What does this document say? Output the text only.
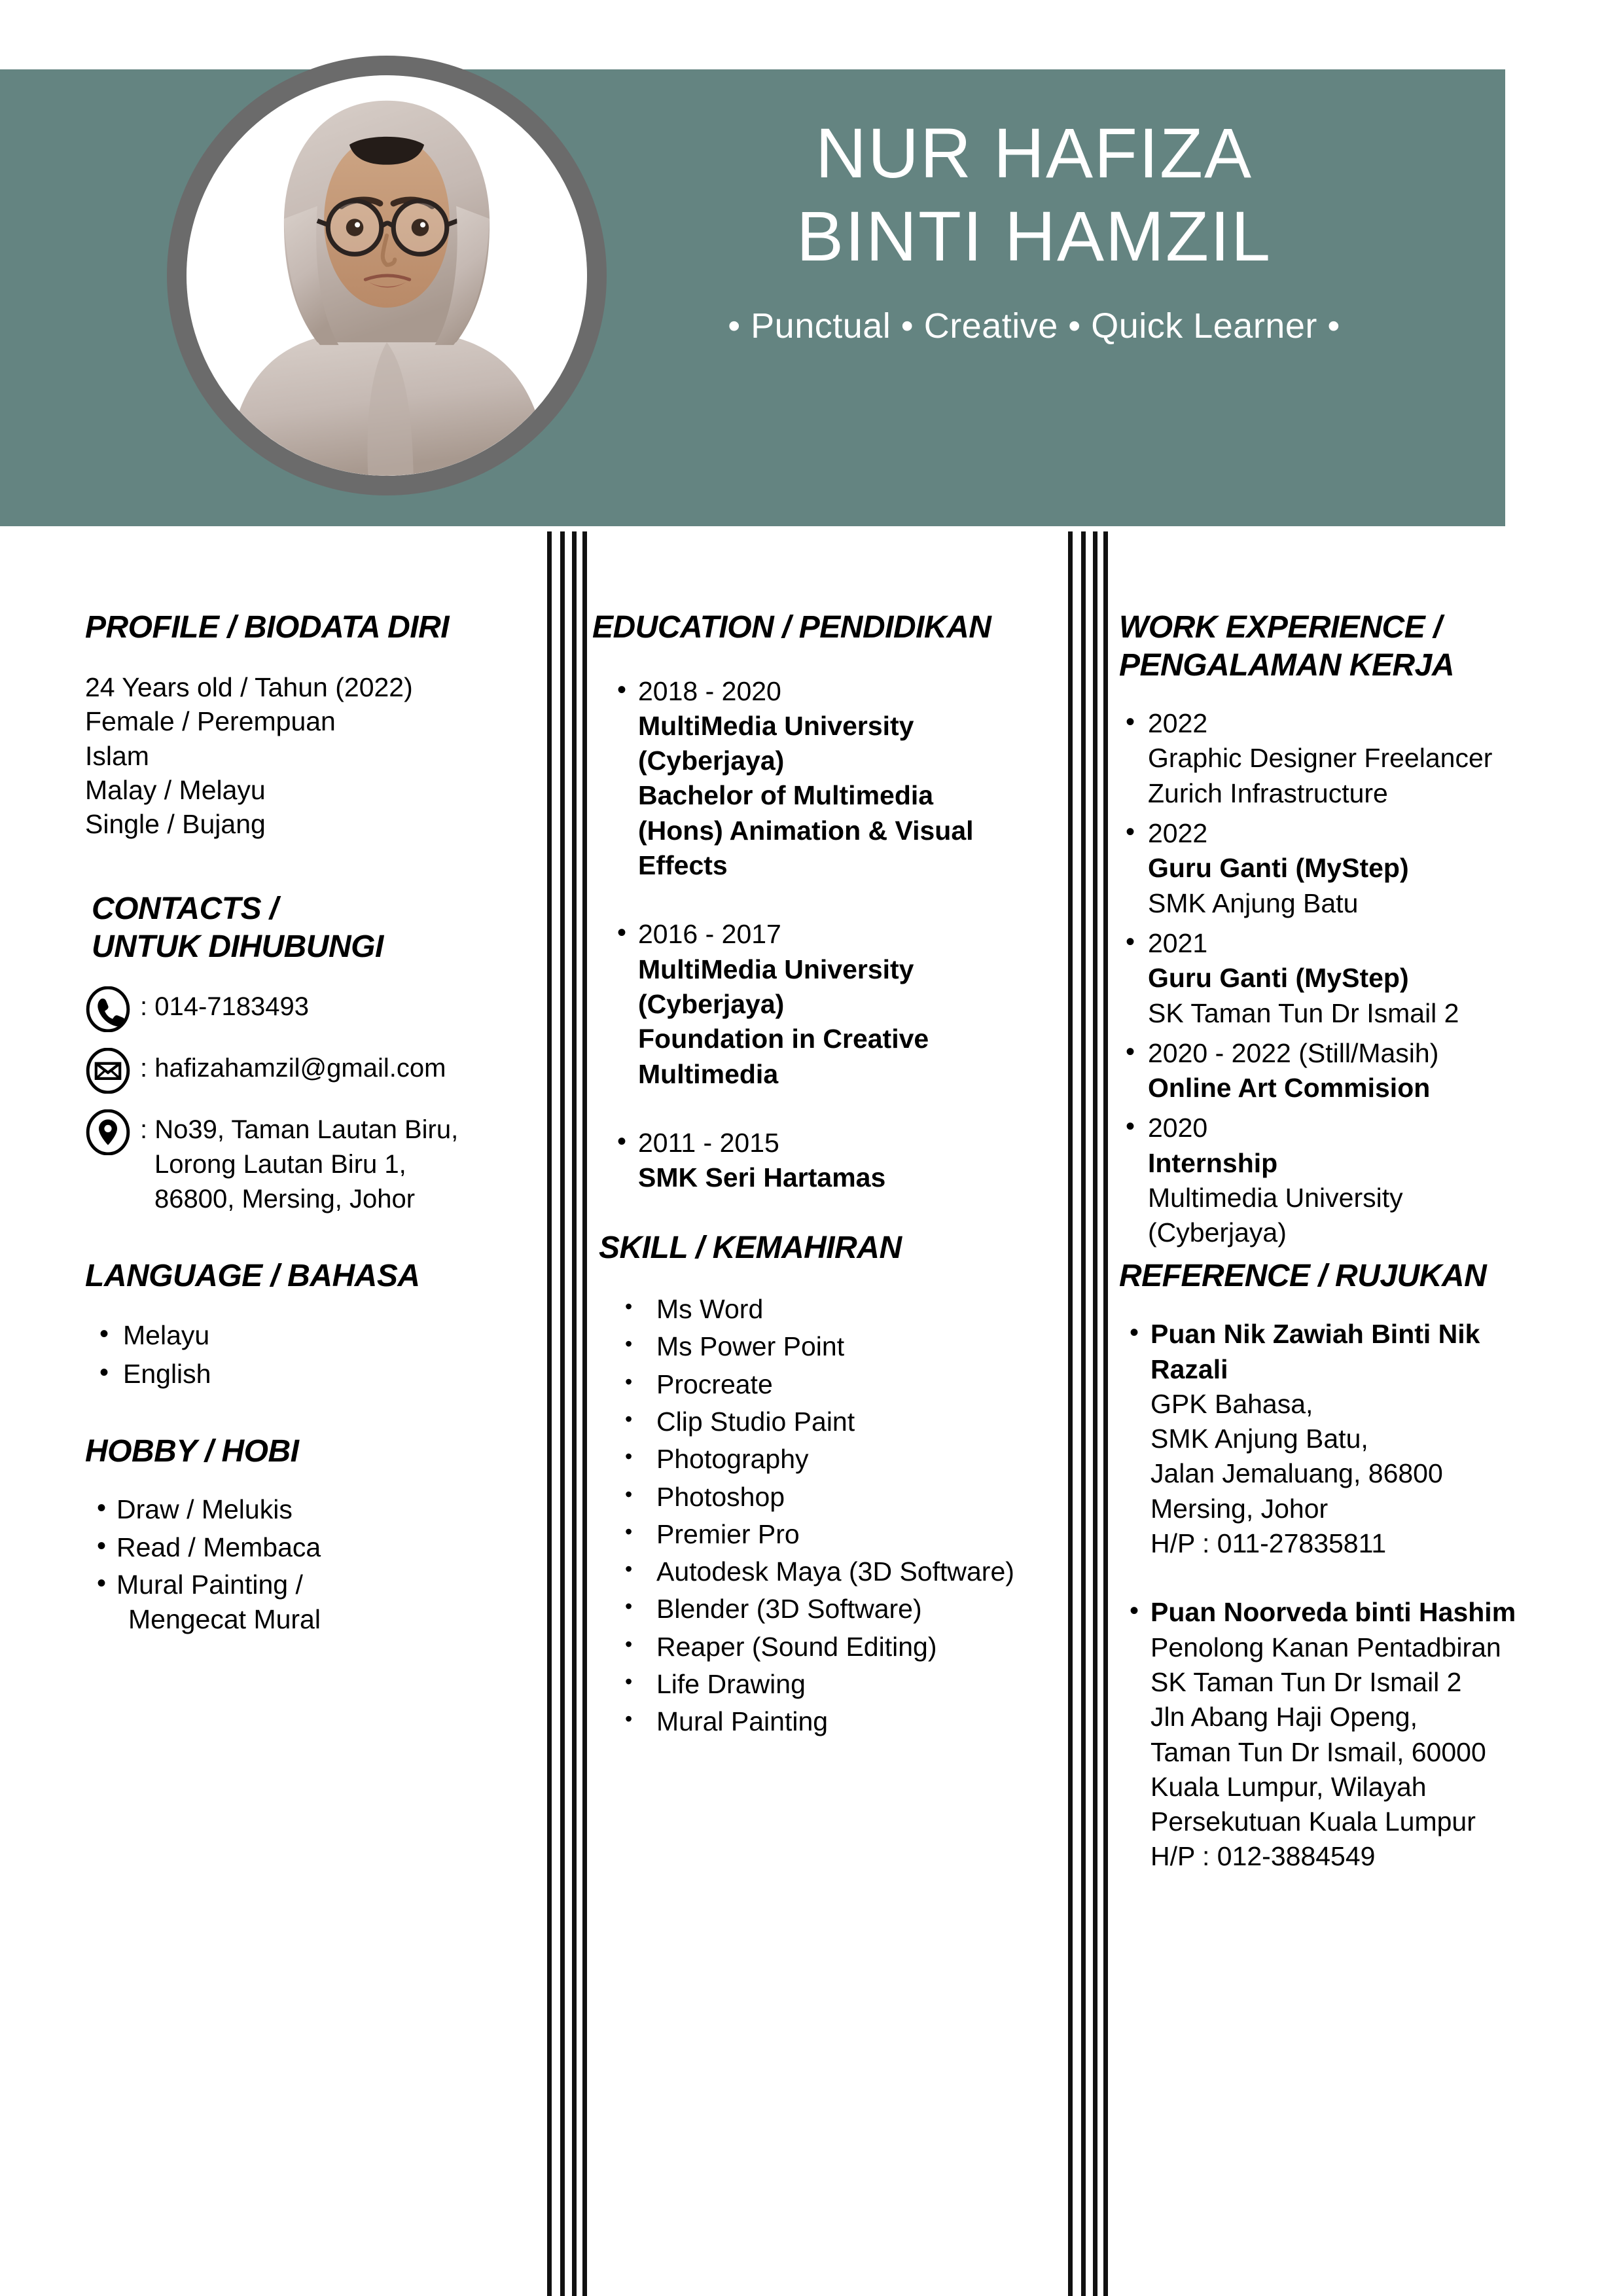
NUR HAFIZA
BINTI HAMZIL
• Punctual • Creative • Quick Learner •
PROFILE / BIODATA DIRI
24 Years old / Tahun (2022)
Female / Perempuan
Islam
Malay / Melayu
Single / Bujang
CONTACTS /
UNTUK DIHUBUNGI
: 014-7183493
: hafizahamzil@gmail.com
: No39, Taman Lautan Biru,
Lorong Lautan Biru 1,
86800, Mersing, Johor
LANGUAGE / BAHASA
• Melayu
• English
HOBBY / HOBI
• Draw / Melukis
• Read / Membaca
• Mural Painting /
Mengecat Mural
EDUCATION / PENDIDIKAN
• 2018 - 2020
MultiMedia University
(Cyberjaya)
Bachelor of Multimedia
(Hons) Animation & Visual
Effects
• 2016 - 2017
MultiMedia University
(Cyberjaya)
Foundation in Creative
Multimedia
• 2011 - 2015
SMK Seri Hartamas
SKILL / KEMAHIRAN
• Ms Word
• Ms Power Point
• Procreate
• Clip Studio Paint
• Photography
• Photoshop
• Premier Pro
• Autodesk Maya (3D Software)
• Blender (3D Software)
• Reaper (Sound Editing)
• Life Drawing
• Mural Painting
WORK EXPERIENCE /
PENGALAMAN KERJA
• 2022
Graphic Designer Freelancer
Zurich Infrastructure
• 2022
Guru Ganti (MyStep)
SMK Anjung Batu
• 2021
Guru Ganti (MyStep)
SK Taman Tun Dr Ismail 2
• 2020 - 2022 (Still/Masih)
Online Art Commision
• 2020
Internship
Multimedia University
(Cyberjaya)
REFERENCE / RUJUKAN
• Puan Nik Zawiah Binti Nik
Razali
GPK Bahasa,
SMK Anjung Batu,
Jalan Jemaluang, 86800
Mersing, Johor
H/P : 011-27835811
• Puan Noorveda binti Hashim
Penolong Kanan Pentadbiran
SK Taman Tun Dr Ismail 2
Jln Abang Haji Openg,
Taman Tun Dr Ismail, 60000
Kuala Lumpur, Wilayah
Persekutuan Kuala Lumpur
H/P : 012-3884549
